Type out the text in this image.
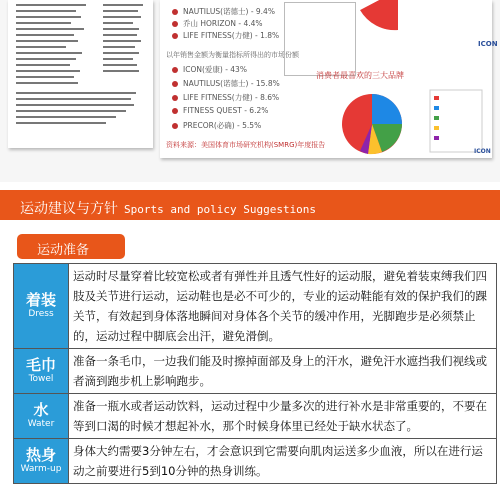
NAUTILUS(诺德士) - 9.4%
乔山 HORIZON - 4.4%
LIFE FITNESS(力健) - 1.8%
以年销售金额为衡量指标所得出的市场份额
ICON(爱康) - 43%
NAUTILUS(诺德士) - 15.8%
LIFE FITNESS(力健) - 8.6%
FITNESS QUEST - 6.2%
PRECOR(必确) - 5.5%
资料来源：美国体育市场研究机构(SMRG)年度报告
ICON
消费者最喜欢的三大品牌
ICON
运动建议与方针 Sports and policy Suggestions
运动准备
着装
Dress
运动时尽量穿着比较宽松或者有弹性并且透气性好的运动服，避免着装束缚我们四肢及关节进行运动，运动鞋也是必不可少的，专业的运动鞋能有效的保护我们的踝关节，有效起到身体落地瞬间对身体各个关节的缓冲作用，光脚跑步是必须禁止的，运动过程中脚底会出汗，避免滑倒。
毛巾
Towel
准备一条毛巾，一边我们能及时擦掉面部及身上的汗水，避免汗水遮挡我们视线或者滴到跑步机上影响跑步。
水
Water
准备一瓶水或者运动饮料，运动过程中少量多次的进行补水是非常重要的，不要在等到口渴的时候才想起补水，那个时候身体里已经处于缺水状态了。
热身
Warm-up
身体大约需要3分钟左右，才会意识到它需要向肌肉运送多少血液，所以在进行运动之前要进行5到10分钟的热身训练。
